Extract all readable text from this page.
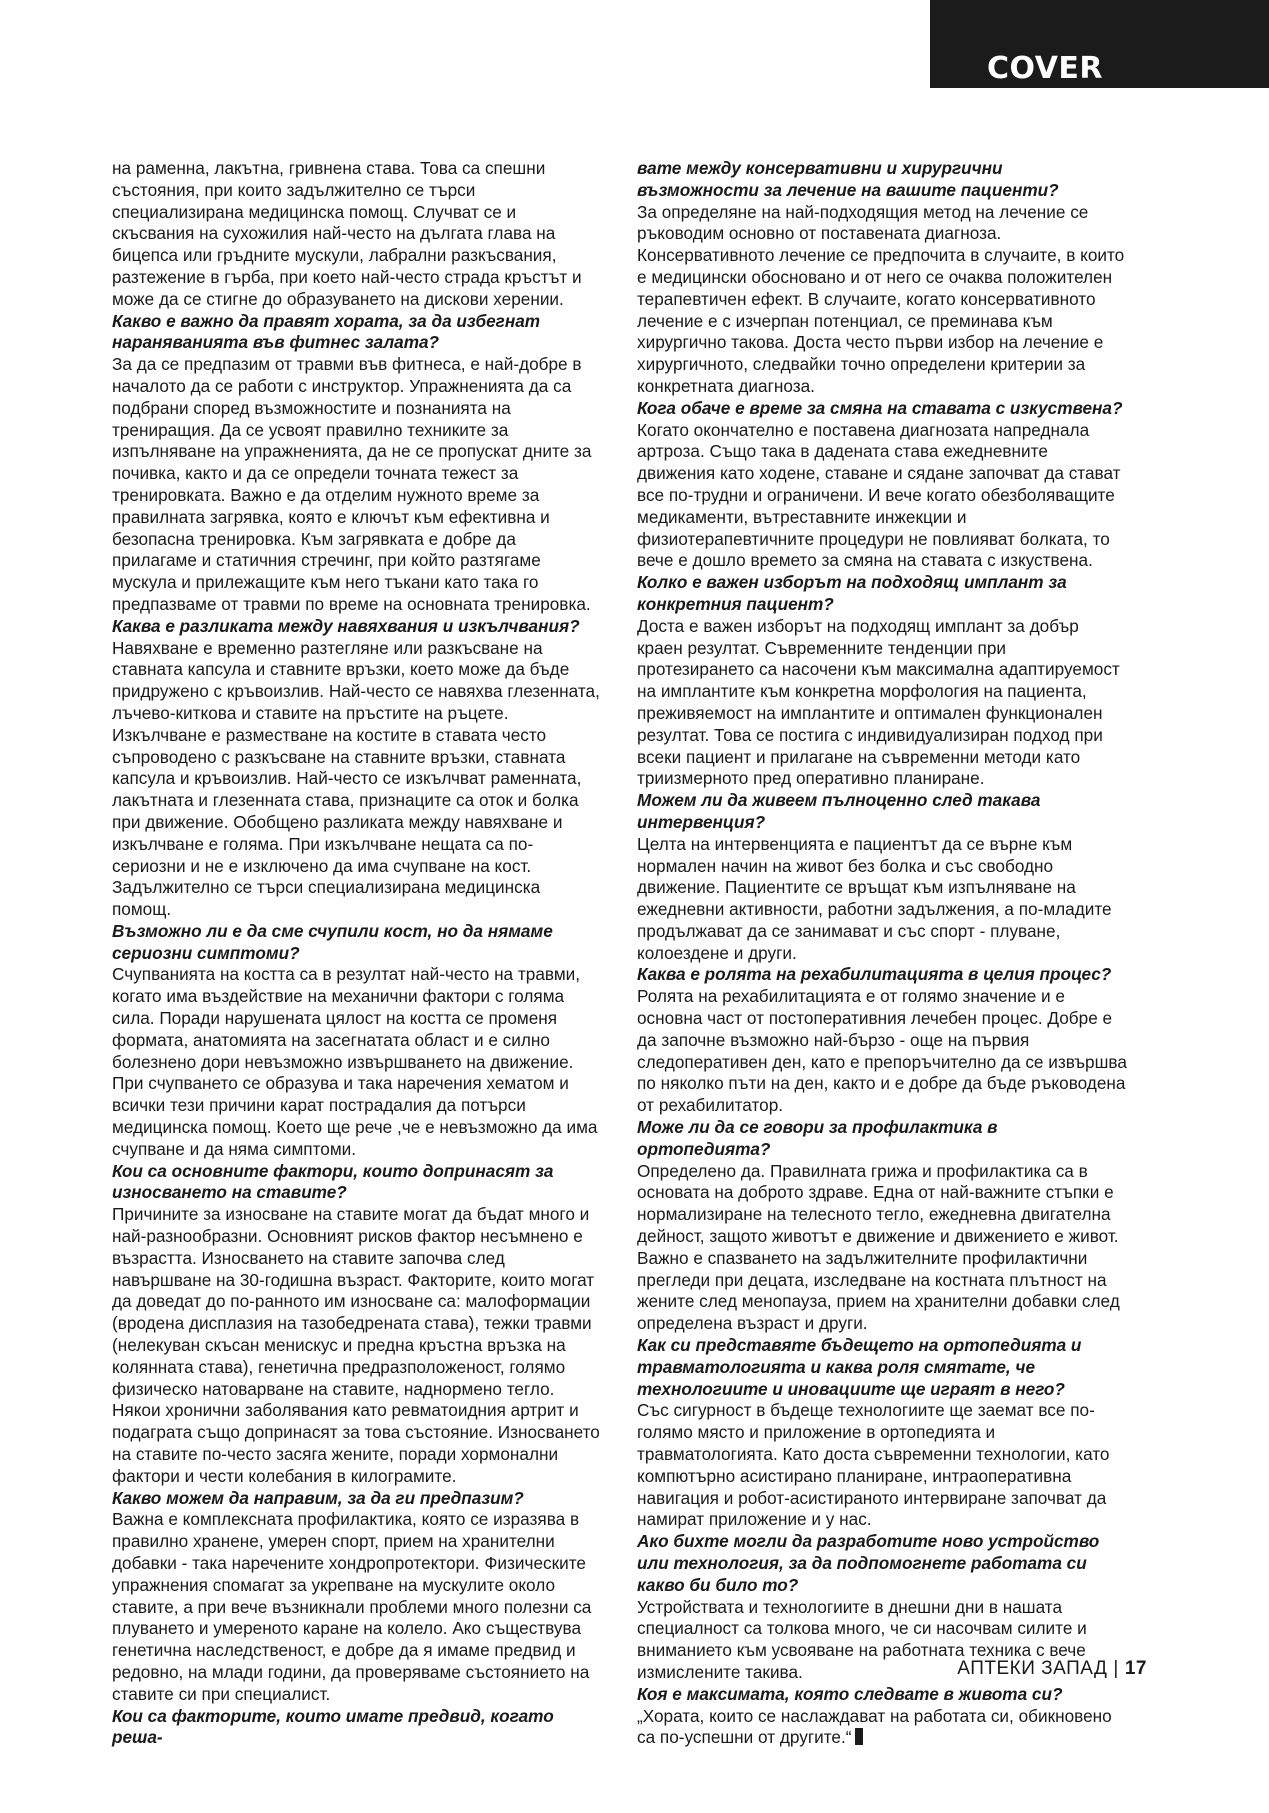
COVER STORY

на раменна, лакътна, гривнена става. Това са спешни състояния, при които задължително се търси специализирана медицинска помощ. Случват се и скъсвания на сухожилия най-често на дългата глава на бицепса или гръдните мускули, лабрални разкъсвания, разтежение в гърба, при което най-често страда кръстът и може да се стигне до образуването на дискови херении.

Какво е важно да правят хората, за да избегнат нараняванията във фитнес залата?

За да се предпазим от травми във фитнеса, е най-добре в началото да се работи с инструктор. Упражненията да са подбрани според възможностите и познанията на трениращия. Да се усвоят правилно техниките за изпълняване на упражненията, да не се пропускат дните за почивка, както и да се определи точната тежест за тренировката. Важно е да отделим нужното време за правилната загрявка, която е ключът към ефективна и безопасна тренировка. Към загрявката е добре да прилагаме и статичния стречинг, при който разтягаме мускула и прилежащите към него тъкани като така го предпазваме от травми по време на основната тренировка.

Каква е разликата между навяхвания и изкълчвания?

Навяхване е временно разтегляне или разкъсване на ставната капсула и ставните връзки, което може да бъде придружено с кръвоизлив. Най-често се навяхва глезенната, лъчево-китковa и ставите на пръстите на ръцете. Изкълчване е разместване на костите в ставата често съпроводено с разкъсване на ставните връзки, ставната капсула и кръвоизлив. Най-често се изкълчват раменната, лакътната и глезенната става, признаците са оток и болка при движение. Обобщено разликата между навяхване и изкълчване е голяма. При изкълчване нещата са по-сериозни и не е изключено да има счупване на кост. Задължително се търси специализирана медицинска помощ.

Възможно ли е да сме счупили кост, но да нямаме сериозни симптоми?

Счупванията на костта са в резултат най-често на травми, когато има въздействие на механични фактори с голяма сила. Поради нарушената цялост на костта се променя формата, анатомията на засегнатата област и е силно болезнено дори невъзможно извършването на движение. При счупването се образува и така наречения хематом и всички тези причини карат пострадалия да потърси медицинска помощ. Което ще рече ,че е невъзможно да има счупване и да няма симптоми.

Кои са основните фактори, които допринасят за износването на ставите?

Причините за износване на ставите могат да бъдат много и най-разнообразни. Основният рисков фактор несъмнено е възрастта. Износването на ставите започва след навършване на 30-годишна възраст. Факторите, които могат да доведат до по-ранното им износване са: малоформации (вродена дисплазия на тазобедрената става), тежки травми (нелекуван скъсан менискус и предна кръстна връзка на колянната става), генетична предразположеност, голямо физическо натоварване на ставите, наднормено тегло. Някои хронични заболявания като ревматоидния артрит и подаграта също допринасят за това състояние. Износването на ставите по-често засяга жените, поради хормонални фактори и чести колебания в килограмите.

Какво можем да направим, за да ги предпазим?

Важна е комплексната профилактика, която се изразява в правилно хранене, умерен спорт, прием на хранителни добавки - така наречените хондропротектори. Физическите упражнения спомагат за укрепване на мускулите около ставите, а при вече възникнали проблеми много полезни са плуването и умереното каране на колело. Ако съществува генетична наследственост, е добре да я имаме предвид и редовно, на млади години, да проверяваме състоянието на ставите си при специалист.

Кои са факторите, които имате предвид, когато реша-

вате между консервативни и хирургични възможности за лечение на вашите пациенти?

За определяне на най-подходящия метод на лечение се ръководим основно от поставената диагноза. Консервативното лечение се предпочита в случаите, в които е медицински обосновано и от него се очаква положителен терапевтичен ефект. В случаите, когато консервативното лечение е с изчерпан потенциал, се преминава към хирургично такова. Доста често първи избор на лечение е хирургичното, следвайки точно определени критерии за конкретната диагноза.

Кога обаче е време за смяна на ставата с изкуствена?

Когато окончателно е поставена диагнозата напреднала артроза. Също така в дадената става ежедневните движения като ходене, ставане и сядане започват да стават все по-трудни и ограничени. И вече когато обезболяващите медикаменти, вътреставните инжекции и физиотерапевтичните процедури не повлияват болката, то вече е дошло времето за смяна на ставата с изкуствена.

Колко е важен изборът на подходящ имплант за конкретния пациент?

Доста е важен изборът на подходящ имплант за добър краен резултат. Съвременните тенденции при протезирането са насочени към максимална адаптируемост на имплантите към конкретна морфология на пациента, преживяемост на имплантите и оптимален функционален резултат. Това се постига с индивидуализиран подход при всеки пациент и прилагане на съвременни методи като триизмерното пред оперативно планиране.

Можем ли да живеем пълноценно след такава интервенция?

Целта на интервенцията е пациентът да се върне към нормален начин на живот без болка и със свободно движение. Пациентите се връщат към изпълняване на ежедневни активности, работни задължения, а по-младите продължават да се занимават и със спорт - плуване, колоездене и други.

Каква е ролята на рехабилитацията в целия процес?

Ролята на рехабилитацията е от голямо значение и е основна част от постоперативния лечебен процес. Добре е да започне възможно най-бързо - още на първия следоперативен ден, като е препоръчително да се извършва по няколко пъти на ден, както и е добре да бъде ръководена от рехабилитатор.

Може ли да се говори за профилактика в ортопедията?

Определено да. Правилната грижа и профилактика са в основата на доброто здраве. Една от най-важните стъпки е нормализиране на телесното тегло, ежедневна двигателна дейност, защото животът е движение и движението е живот. Важно е спазването на задължителните профилактични прегледи при децата, изследване на костната плътност на жените след менопауза, прием на хранителни добавки след определена възраст и други.

Как си представяте бъдещето на ортопедията и травматологията и каква роля смятате, че технологиите и иновациите ще играят в него?

Със сигурност в бъдеще технологиите ще заемат все по-голямо място и приложение в ортопедията и травматологията. Като доста съвременни технологии, като компютърно асистирано планиране, интраоперативна навигация и робот-асистираното интервиране започват да намират приложение и у нас.

Ако бихте могли да разработите ново устройство или технология, за да подпомогнете работата си какво би било то?

Устройствата и технологиите в днешни дни в нашата специалност са толкова много, че си насочвам силите и вниманието към усвояване на работната техника с вече измислените такива.

Коя е максимата, която следвате в живота си?

„Хората, които се наслаждават на работата си, обикновено са по-успешни от другите.“

АПТЕКИ ЗАПАД | 17
